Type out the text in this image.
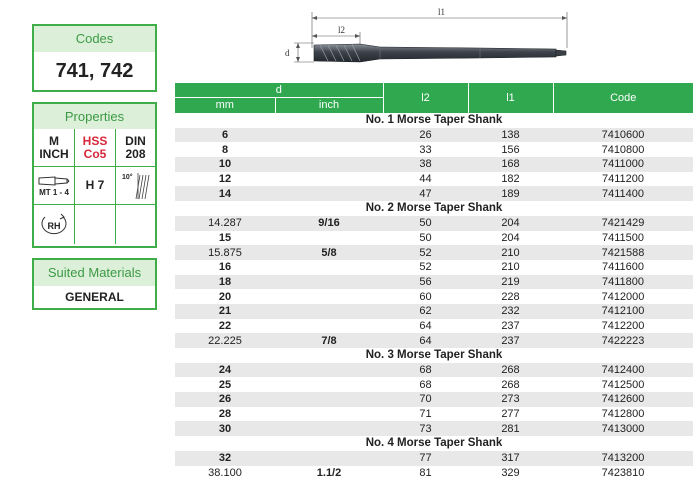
Codes
741, 742
Properties
M
INCH
HSS
Co5
DIN
208
MT 1 - 4
H 7
10°
RH
Suited Materials
GENERAL
l1
l2
d
d		l2	l1	Code
mm	inch			
No. 1 Morse Taper Shank				
6		26	138	7410600
8		33	156	7410800
10		38	168	7411000
12		44	182	7411200
14		47	189	7411400
No. 2 Morse Taper Shank				
14.287	9/16	50	204	7421429
15		50	204	7411500
15.875	5/8	52	210	7421588
16		52	210	7411600
18		56	219	7411800
20		60	228	7412000
21		62	232	7412100
22		64	237	7412200
22.225	7/8	64	237	7422223
No. 3 Morse Taper Shank				
24		68	268	7412400
25		68	268	7412500
26		70	273	7412600
28		71	277	7412800
30		73	281	7413000
No. 4 Morse Taper Shank				
32		77	317	7413200
38.100	1.1/2	81	329	7423810
